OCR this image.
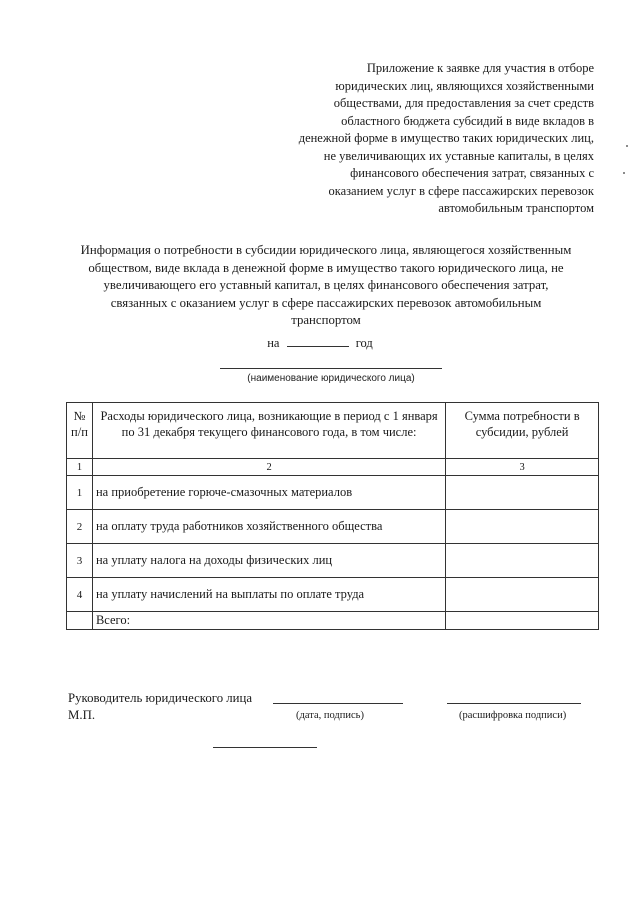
Приложение к заявке для участия в отборе
юридических лиц, являющихся хозяйственными
обществами, для предоставления за счет средств
областного бюджета субсидий в виде вкладов в
денежной форме в имущество таких юридических лиц,
не увеличивающих их уставные капиталы, в целях
финансового обеспечения затрат, связанных с
оказанием услуг в сфере пассажирских перевозок
автомобильным транспортом
Информация о потребности в субсидии юридического лица, являющегося хозяйственным
обществом, виде вклада в денежной форме в имущество такого юридического лица, не
увеличивающего его уставный капитал, в целях финансового обеспечения затрат,
связанных с оказанием услуг в сфере пассажирских перевозок автомобильным
транспортом
на	год
(наименование юридического лица)
№ п/п	Расходы юридического лица, возникающие в период с 1 января по 31 декабря текущего финансового года, в том числе:	Сумма потребности в субсидии, рублей
1	2	3
1	на приобретение горюче-смазочных материалов	
2	на оплату труда работников хозяйственного общества	
3	на уплату налога на доходы физических лиц	
4	на уплату начислений на выплаты по оплате труда	
	Всего:	
Руководитель юридического лица
М.П.	(дата, подпись)	(расшифровка подписи)
